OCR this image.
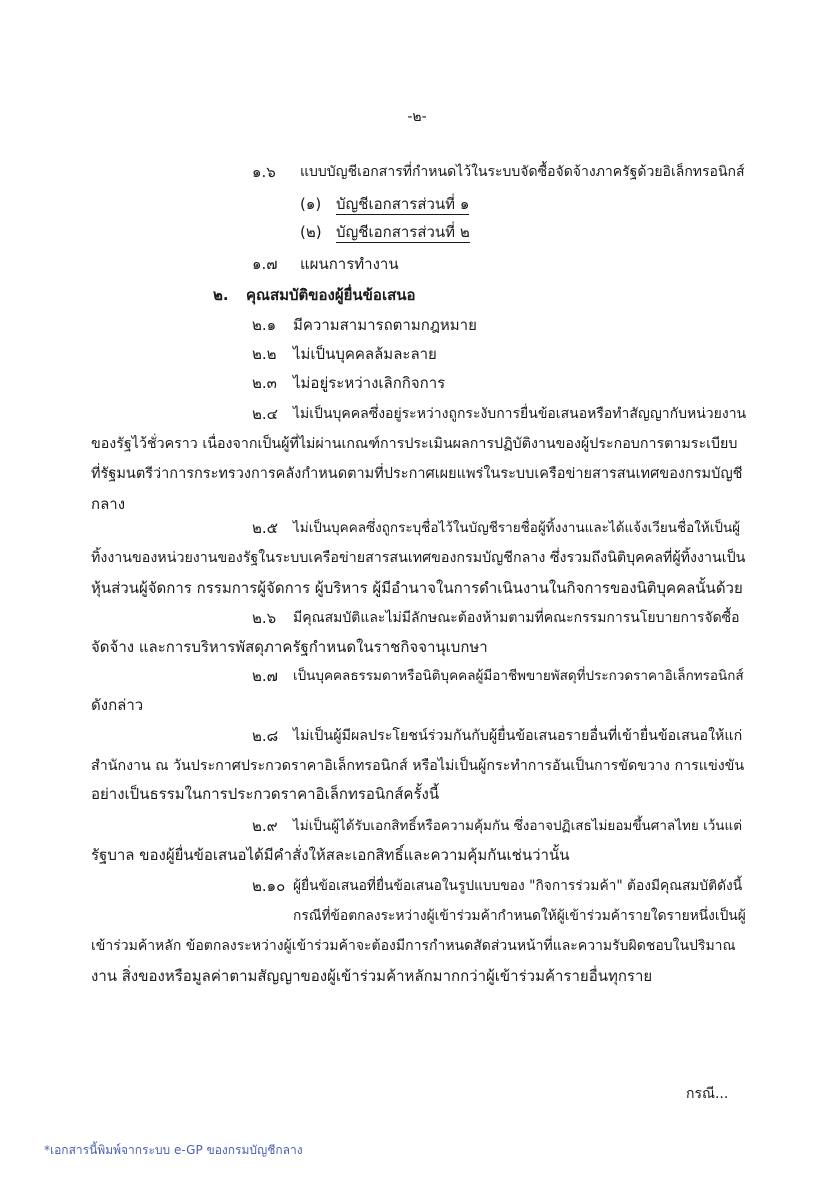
-๒-
๑.๖ แบบบัญชีเอกสารที่กำหนดไว้ในระบบจัดซื้อจัดจ้างภาครัฐด้วยอิเล็กทรอนิกส์
(๑) บัญชีเอกสารส่วนที่ ๑
(๒) บัญชีเอกสารส่วนที่ ๒
๑.๗ แผนการทำงาน
๒. คุณสมบัติของผู้ยื่นข้อเสนอ
๒.๑ มีความสามารถตามกฎหมาย
๒.๒ ไม่เป็นบุคคลล้มละลาย
๒.๓ ไม่อยู่ระหว่างเลิกกิจการ
๒.๔ ไม่เป็นบุคคลซึ่งอยู่ระหว่างถูกระงับการยื่นข้อเสนอหรือทำสัญญากับหน่วยงาน
ของรัฐไว้ชั่วคราว เนื่องจากเป็นผู้ที่ไม่ผ่านเกณฑ์การประเมินผลการปฏิบัติงานของผู้ประกอบการตามระเบียบ
ที่รัฐมนตรีว่าการกระทรวงการคลังกำหนดตามที่ประกาศเผยแพร่ในระบบเครือข่ายสารสนเทศของกรมบัญชี
กลาง
๒.๕ ไม่เป็นบุคคลซึ่งถูกระบุชื่อไว้ในบัญชีรายชื่อผู้ทิ้งงานและได้แจ้งเวียนชื่อให้เป็นผู้
ทิ้งงานของหน่วยงานของรัฐในระบบเครือข่ายสารสนเทศของกรมบัญชีกลาง ซึ่งรวมถึงนิติบุคคลที่ผู้ทิ้งงานเป็น
หุ้นส่วนผู้จัดการ กรรมการผู้จัดการ ผู้บริหาร ผู้มีอำนาจในการดำเนินงานในกิจการของนิติบุคคลนั้นด้วย
๒.๖ มีคุณสมบัติและไม่มีลักษณะต้องห้ามตามที่คณะกรรมการนโยบายการจัดซื้อ
จัดจ้าง และการบริหารพัสดุภาครัฐกำหนดในราชกิจจานุเบกษา
๒.๗ เป็นบุคคลธรรมดาหรือนิติบุคคลผู้มีอาชีพขายพัสดุที่ประกวดราคาอิเล็กทรอนิกส์
ดังกล่าว
๒.๘ ไม่เป็นผู้มีผลประโยชน์ร่วมกันกับผู้ยื่นข้อเสนอรายอื่นที่เข้ายื่นข้อเสนอให้แก่
สำนักงาน ณ วันประกาศประกวดราคาอิเล็กทรอนิกส์ หรือไม่เป็นผู้กระทำการอันเป็นการขัดขวาง การแข่งขัน
อย่างเป็นธรรมในการประกวดราคาอิเล็กทรอนิกส์ครั้งนี้
๒.๙ ไม่เป็นผู้ได้รับเอกสิทธิ์หรือความคุ้มกัน ซึ่งอาจปฏิเสธไม่ยอมขึ้นศาลไทย เว้นแต่
รัฐบาล ของผู้ยื่นข้อเสนอได้มีคำสั่งให้สละเอกสิทธิ์และความคุ้มกันเช่นว่านั้น
๒.๑๐ ผู้ยื่นข้อเสนอที่ยื่นข้อเสนอในรูปแบบของ "กิจการร่วมค้า" ต้องมีคุณสมบัติดังนี้
กรณีที่ข้อตกลงระหว่างผู้เข้าร่วมค้ากำหนดให้ผู้เข้าร่วมค้ารายใดรายหนึ่งเป็นผู้
เข้าร่วมค้าหลัก ข้อตกลงระหว่างผู้เข้าร่วมค้าจะต้องมีการกำหนดสัดส่วนหน้าที่และความรับผิดชอบในปริมาณ
งาน สิ่งของหรือมูลค่าตามสัญญาของผู้เข้าร่วมค้าหลักมากกว่าผู้เข้าร่วมค้ารายอื่นทุกราย
กรณี...
*เอกสารนี้พิมพ์จากระบบ e-GP ของกรมบัญชีกลาง
